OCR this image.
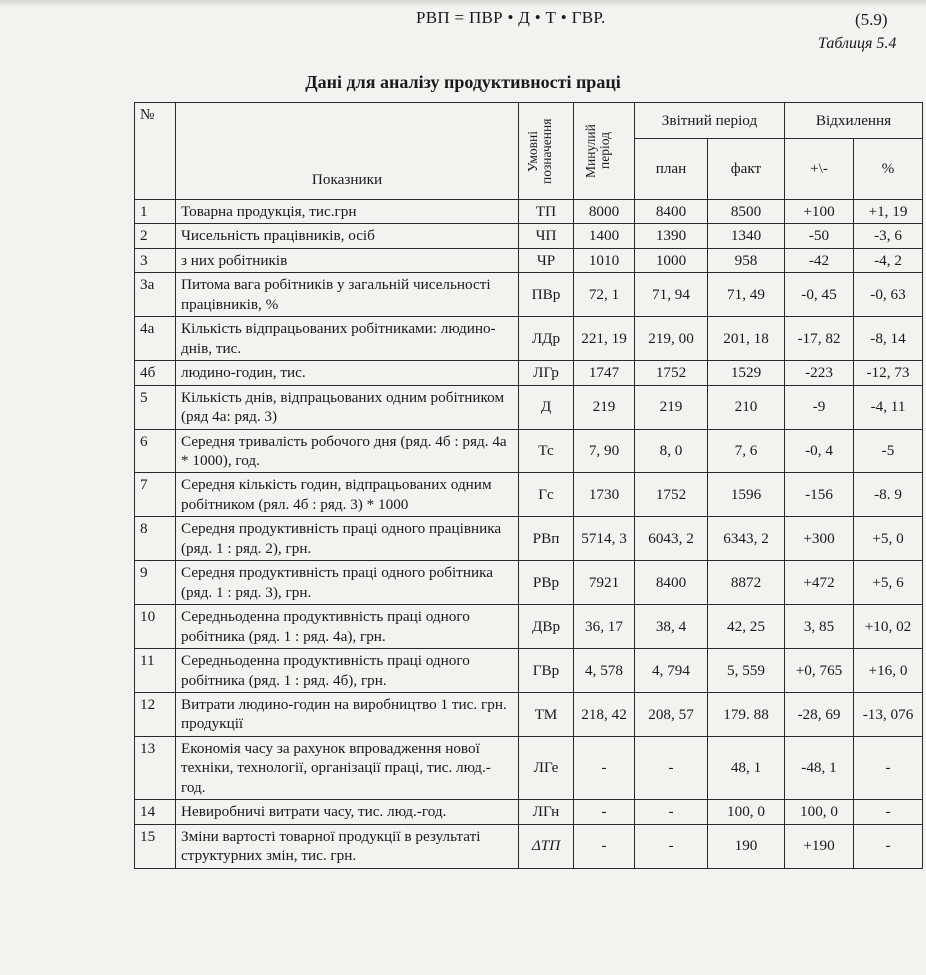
РВП = ПВР • Д • Т • ГВР.	(5.9)
Таблиця 5.4
Дані для аналізу продуктивності праці
№	Показники	Умовні позначення	Минулий період	Звітний період		Відхилення	
				план	факт	+\-	%
1	Товарна продукція, тис.грн	ТП	8000	8400	8500	+100	+1, 19
2	Чисельність працівників, осіб	ЧП	1400	1390	1340	-50	-3, 6
3	з них робітників	ЧР	1010	1000	958	-42	-4, 2
3а	Питома вага робітників у загальній чисельності працівників, %	ПВр	72, 1	71, 94	71, 49	-0, 45	-0, 63
4а	Кількість відпрацьованих робітниками: людино-днів, тис.	ЛДр	221, 19	219, 00	201, 18	-17, 82	-8, 14
4б	людино-годин, тис.	ЛГр	1747	1752	1529	-223	-12, 73
5	Кількість днів, відпрацьованих одним робітником (ряд 4а: ряд. 3)	Д	219	219	210	-9	-4, 11
6	Середня тривалість робочого дня (ряд. 4б : ряд. 4а * 1000), год.	Тс	7, 90	8, 0	7, 6	-0, 4	-5
7	Середня кількість годин, відпрацьованих одним робітником (рял. 4б : ряд. 3) * 1000	Гс	1730	1752	1596	-156	-8. 9
8	Середня продуктивність праці одного працівника (ряд. 1 : ряд. 2), грн.	РВп	5714, 3	6043, 2	6343, 2	+300	+5, 0
9	Середня продуктивність праці одного робітника (ряд. 1 : ряд. 3), грн.	РВр	7921	8400	8872	+472	+5, 6
10	Середньоденна продуктивність праці одного робітника (ряд. 1 : ряд. 4а), грн.	ДВр	36, 17	38, 4	42, 25	3, 85	+10, 02
11	Середньоденна продуктивність праці одного робітника (ряд. 1 : ряд. 4б), грн.	ГВр	4, 578	4, 794	5, 559	+0, 765	+16, 0
12	Витрати людино-годин на виробництво 1 тис. грн. продукції	ТМ	218, 42	208, 57	179. 88	-28, 69	-13, 076
13	Економія часу за рахунок впровадження нової техніки, технології, організації праці, тис. люд.-год.	ЛГе	-	-	48, 1	-48, 1	-
14	Невиробничі витрати часу, тис. люд.-год.	ЛГн	-	-	100, 0	100, 0	-
15	Зміни вартості товарної продукції в результаті структурних змін, тис. грн.	ΔТП	-	-	190	+190	-
